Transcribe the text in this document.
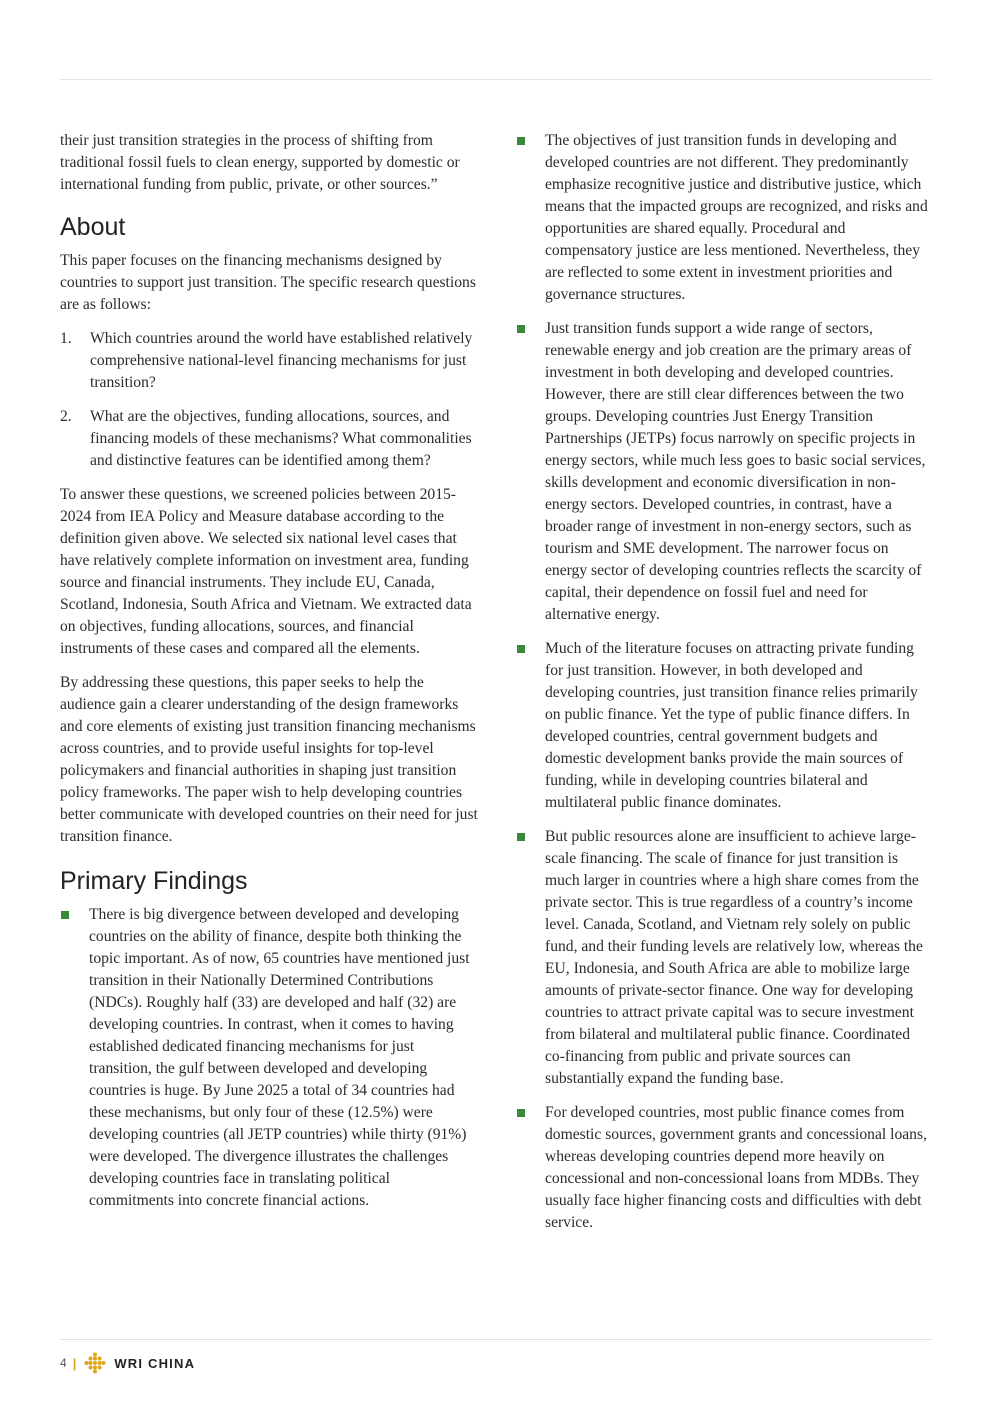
their just transition strategies in the process of shifting from traditional fossil fuels to clean energy, supported by domestic or international funding from public, private, or other sources.”

About

This paper focuses on the financing mechanisms designed by countries to support just transition. The specific research questions are as follows:

1. Which countries around the world have established relatively comprehensive national-level financing mechanisms for just transition?
2. What are the objectives, funding allocations, sources, and financing models of these mechanisms? What commonalities and distinctive features can be identified among them?

To answer these questions, we screened policies between 2015-2024 from IEA Policy and Measure database according to the definition given above. We selected six national level cases that have relatively complete information on investment area, funding source and financial instruments. They include EU, Canada, Scotland, Indonesia, South Africa and Vietnam. We extracted data on objectives, funding allocations, sources, and financial instruments of these cases and compared all the elements.

By addressing these questions, this paper seeks to help the audience gain a clearer understanding of the design frameworks and core elements of existing just transition financing mechanisms across countries, and to provide useful insights for top-level policymakers and financial authorities in shaping just transition policy frameworks. The paper wish to help developing countries better communicate with developed countries on their need for just transition finance.

Primary Findings
There is big divergence between developed and developing countries on the ability of finance, despite both thinking the topic important. As of now, 65 countries have mentioned just transition in their Nationally Determined Contributions (NDCs). Roughly half (33) are developed and half (32) are developing countries. In contrast, when it comes to having established dedicated financing mechanisms for just transition, the gulf between developed and developing countries is huge. By June 2025 a total of 34 countries had these mechanisms, but only four of these (12.5%) were developing countries (all JETP countries) while thirty (91%) were developed. The divergence illustrates the challenges developing countries face in translating political commitments into concrete financial actions.
The objectives of just transition funds in developing and developed countries are not different. They predominantly emphasize recognitive justice and distributive justice, which means that the impacted groups are recognized, and risks and opportunities are shared equally. Procedural and compensatory justice are less mentioned. Nevertheless, they are reflected to some extent in investment priorities and governance structures.
Just transition funds support a wide range of sectors, renewable energy and job creation are the primary areas of investment in both developing and developed countries. However, there are still clear differences between the two groups. Developing countries Just Energy Transition Partnerships (JETPs) focus narrowly on specific projects in energy sectors, while much less goes to basic social services, skills development and economic diversification in non-energy sectors. Developed countries, in contrast, have a broader range of investment in non-energy sectors, such as tourism and SME development. The narrower focus on energy sector of developing countries reflects the scarcity of capital, their dependence on fossil fuel and need for alternative energy.
Much of the literature focuses on attracting private funding for just transition. However, in both developed and developing countries, just transition finance relies primarily on public finance. Yet the type of public finance differs. In developed countries, central government budgets and domestic development banks provide the main sources of funding, while in developing countries bilateral and multilateral public finance dominates.
But public resources alone are insufficient to achieve large-scale financing. The scale of finance for just transition is much larger in countries where a high share comes from the private sector. This is true regardless of a country’s income level. Canada, Scotland, and Vietnam rely solely on public fund, and their funding levels are relatively low, whereas the EU, Indonesia, and South Africa are able to mobilize large amounts of private-sector finance. One way for developing countries to attract private capital was to secure investment from bilateral and multilateral public finance. Coordinated co-financing from public and private sources can substantially expand the funding base.
For developed countries, most public finance comes from domestic sources, government grants and concessional loans, whereas developing countries depend more heavily on concessional and non-concessional loans from MDBs. They usually face higher financing costs and difficulties with debt service.
4 |	WRI CHINA
